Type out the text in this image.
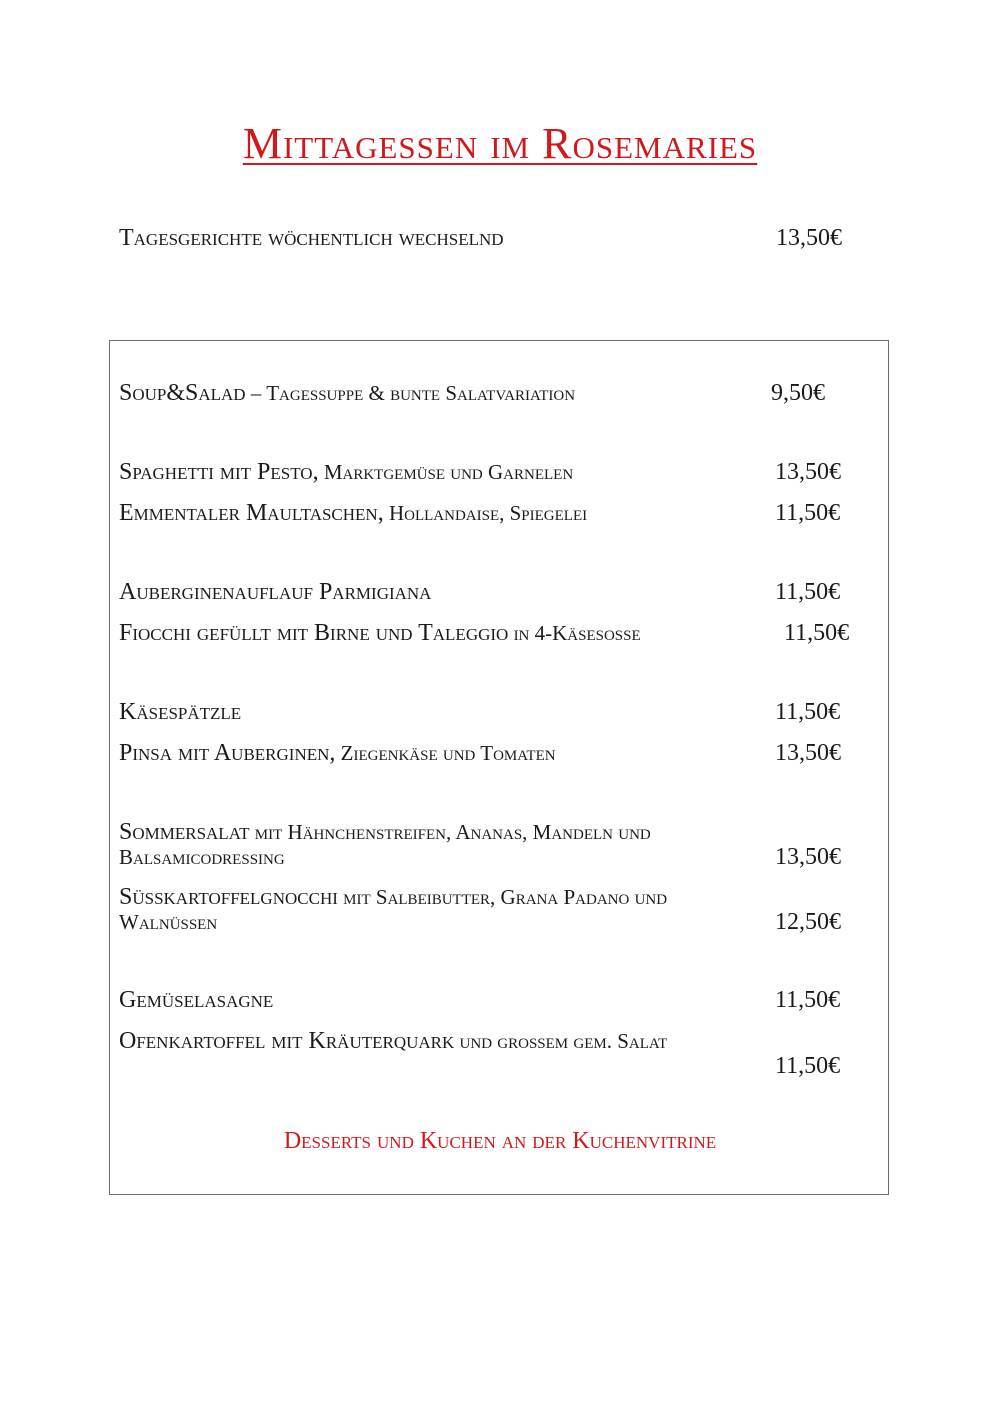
Mittagessen im Rosemaries
Tagesgerichte wöchentlich wechselnd	13,50€
Soup&Salad – Tagessuppe & bunte Salatvariation	9,50€
Spaghetti mit Pesto, Marktgemüse und Garnelen	13,50€
Emmentaler Maultaschen, Hollandaise, Spiegelei	11,50€
Auberginenauflauf Parmigiana	11,50€
Fiocchi gefüllt mit Birne und Taleggio in 4-Käsesosse	11,50€
Käsespätzle	11,50€
Pinsa mit Auberginen, Ziegenkäse und Tomaten	13,50€
Sommersalat mit Hähnchenstreifen, Ananas, Mandeln und
Balsamicodressing	13,50€
Süsskartoffelgnocchi mit Salbeibutter, Grana Padano und
Walnüssen	12,50€
Gemüselasagne	11,50€
Ofenkartoffel mit Kräuterquark und grossem gem. Salat
11,50€
Desserts und Kuchen an der Kuchenvitrine
